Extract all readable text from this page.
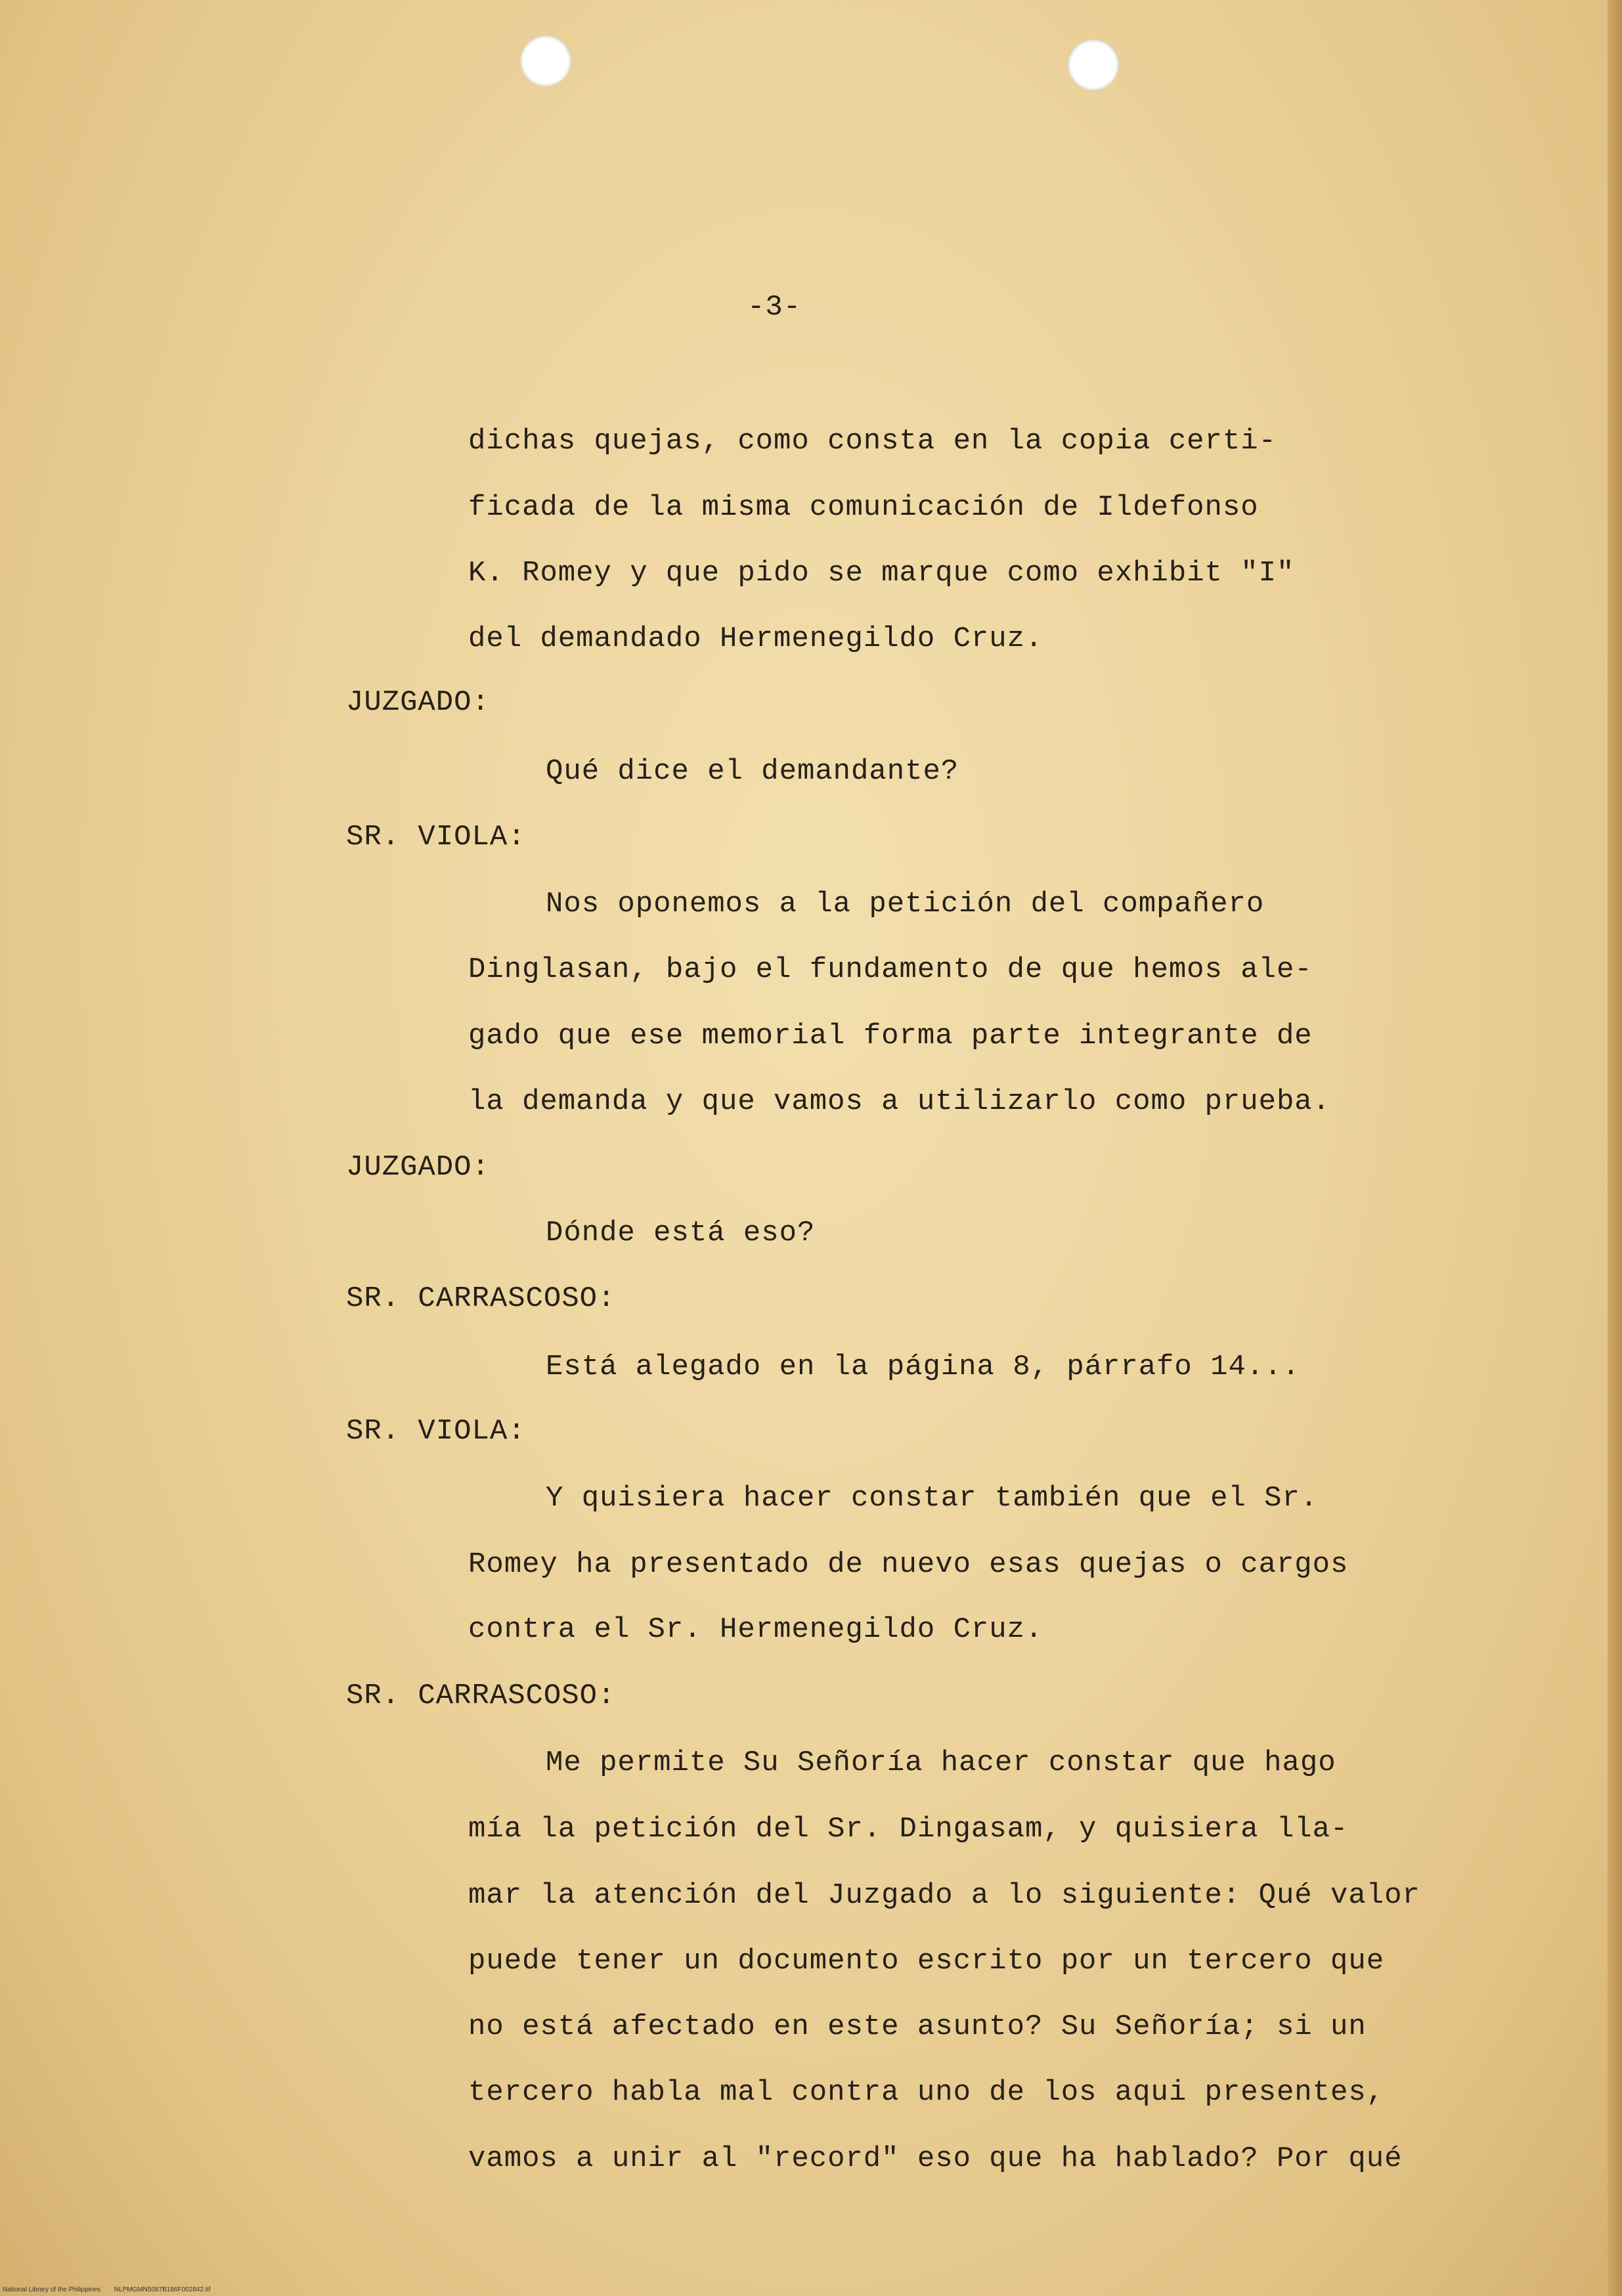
-3-

dichas quejas, como consta en la copia certi-

ficada de la misma comunicación de Ildefonso

K. Romey y que pido se marque como exhibit "I"

del demandado Hermenegildo Cruz.

JUZGADO:

Qué dice el demandante?

SR. VIOLA:

Nos oponemos a la petición del compañero

Dinglasan, bajo el fundamento de que hemos ale-

gado que ese memorial forma parte integrante de

la demanda y que vamos a utilizarlo como prueba.

JUZGADO:

Dónde está eso?

SR. CARRASCOSO:

Está alegado en la página 8, párrafo 14...

SR. VIOLA:

Y quisiera hacer constar también que el Sr.

Romey ha presentado de nuevo esas quejas o cargos

contra el Sr. Hermenegildo Cruz.

SR. CARRASCOSO:

Me permite Su Señoría hacer constar que hago

mía la petición del Sr. Dingasam, y quisiera lla-

mar la atención del Juzgado a lo siguiente: Qué valor

puede tener un documento escrito por un tercero que

no está afectado en este asunto? Su Señoría; si un

tercero habla mal contra uno de los aqui presentes,

vamos a unir al "record" eso que ha hablado? Por qué

National Library of the Philippines NLPMGMN5087B186F002842.tif
